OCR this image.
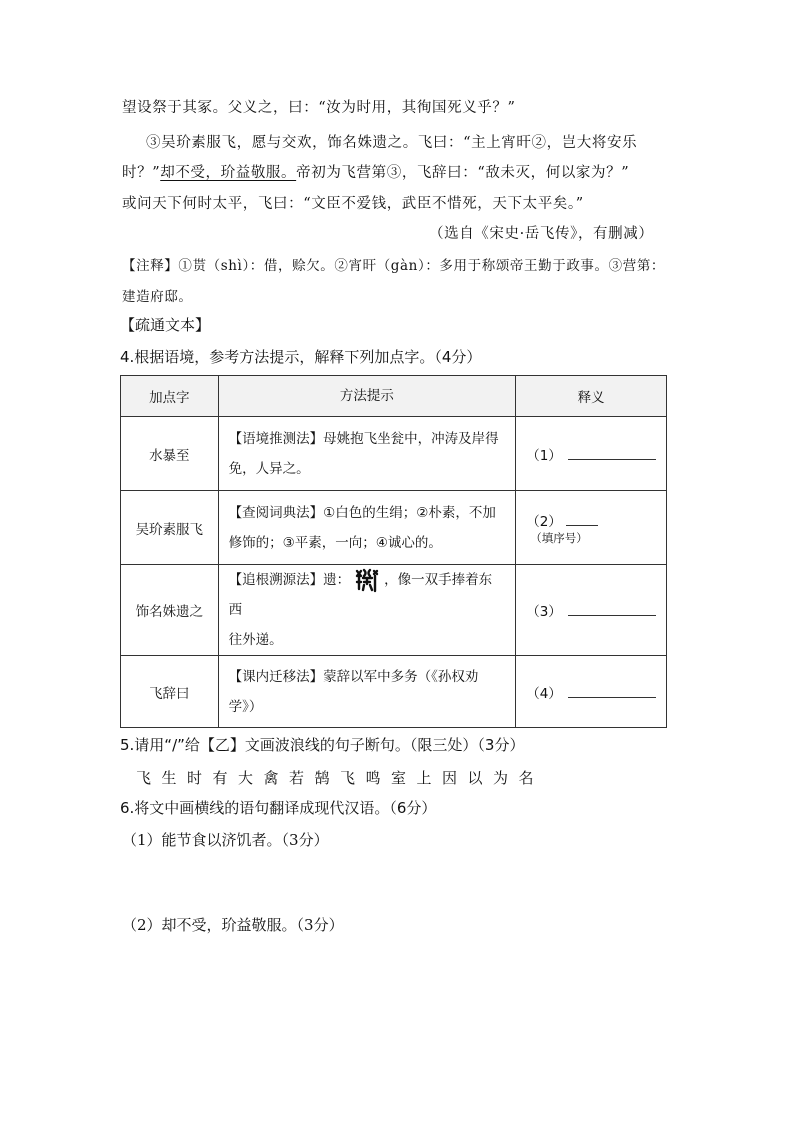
望设祭于其冢。父义之，曰：“汝为时用，其徇国死义乎？”
③吴玠素服飞，愿与交欢，饰名姝遗之。飞曰：“主上宵旰②，岂大将安乐
时？”却不受，玠益敬服。帝初为飞营第③，飞辞曰：“敌未灭，何以家为？”
或问天下何时太平，飞曰：“文臣不爱钱，武臣不惜死，天下太平矣。”
（选自《宋史·岳飞传》，有删减）
【注释】①贳（shì）：借，赊欠。②宵旰（gàn）：多用于称颂帝王勤于政事。③营第：
建造府邸。
【疏通文本】
4.根据语境，参考方法提示，解释下列加点字。（4分）
加点字	方法提示	释义
水暴至	【语境推测法】母姚抱飞坐瓮中，冲涛及岸得
免，人异之。	（1）
吴玠素服飞	【查阅词典法】①白色的生绢；②朴素，不加
修饰的；③平素，一向；④诚心的。	（2）（填序号）
饰名姝遗之	【追根溯源法】遗： ，像一双手捧着东西
往外递。	（3）
飞辞曰	【课内迁移法】蒙辞以军中多务（《孙权劝
学》）	（4）
5.请用“/”给【乙】文画波浪线的句子断句。（限三处）（3分）
飞生时有大禽若鹄飞鸣室上因以为名
6.将文中画横线的语句翻译成现代汉语。（6分）
（1）能节食以济饥者。（3分）
（2）却不受，玠益敬服。（3分）
